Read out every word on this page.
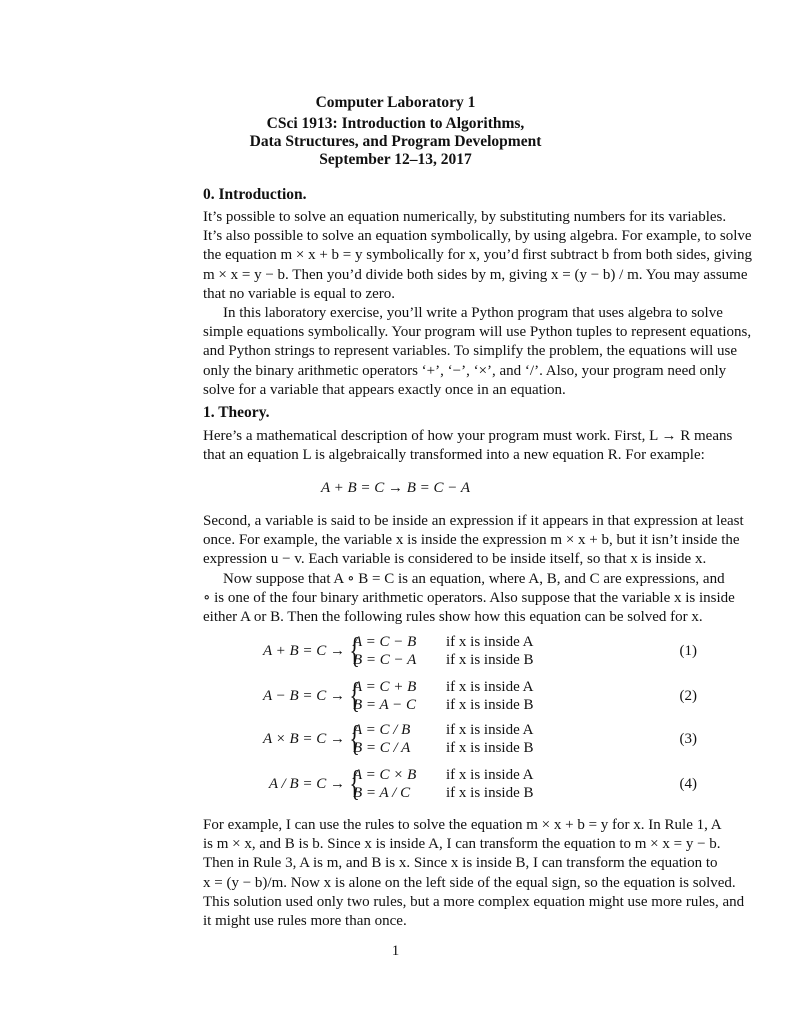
Computer Laboratory 1
CSci 1913: Introduction to Algorithms,
Data Structures, and Program Development
September 12–13, 2017
0. Introduction.
It’s possible to solve an equation numerically, by substituting numbers for its variables.
It’s also possible to solve an equation symbolically, by using algebra. For example, to solve
the equation m × x + b = y symbolically for x, you’d first subtract b from both sides, giving
m × x = y − b. Then you’d divide both sides by m, giving x = (y − b) / m. You may assume
that no variable is equal to zero.
In this laboratory exercise, you’ll write a Python program that uses algebra to solve
simple equations symbolically. Your program will use Python tuples to represent equations,
and Python strings to represent variables. To simplify the problem, the equations will use
only the binary arithmetic operators ‘+’, ‘−’, ‘×’, and ‘/’. Also, your program need only
solve for a variable that appears exactly once in an equation.
1. Theory.
Here’s a mathematical description of how your program must work. First, L → R means
that an equation L is algebraically transformed into a new equation R. For example:
A + B = C → B = C − A
Second, a variable is said to be inside an expression if it appears in that expression at least
once. For example, the variable x is inside the expression m × x + b, but it isn’t inside the
expression u − v. Each variable is considered to be inside itself, so that x is inside x.
Now suppose that A ∘ B = C is an equation, where A, B, and C are expressions, and
∘ is one of the four binary arithmetic operators. Also suppose that the variable x is inside
either A or B. Then the following rules show how this equation can be solved for x.
A + B = C → {
A = C − B
B = C − A
if x is inside A
if x is inside B
(1)
A − B = C → {
A = C + B
B = A − C
if x is inside A
if x is inside B
(2)
A × B = C → {
A = C / B
B = C / A
if x is inside A
if x is inside B
(3)
A / B = C → {
A = C × B
B = A / C
if x is inside A
if x is inside B
(4)
For example, I can use the rules to solve the equation m × x + b = y for x. In Rule 1, A
is m × x, and B is b. Since x is inside A, I can transform the equation to m × x = y − b.
Then in Rule 3, A is m, and B is x. Since x is inside B, I can transform the equation to
x = (y − b)/m. Now x is alone on the left side of the equal sign, so the equation is solved.
This solution used only two rules, but a more complex equation might use more rules, and
it might use rules more than once.
1
